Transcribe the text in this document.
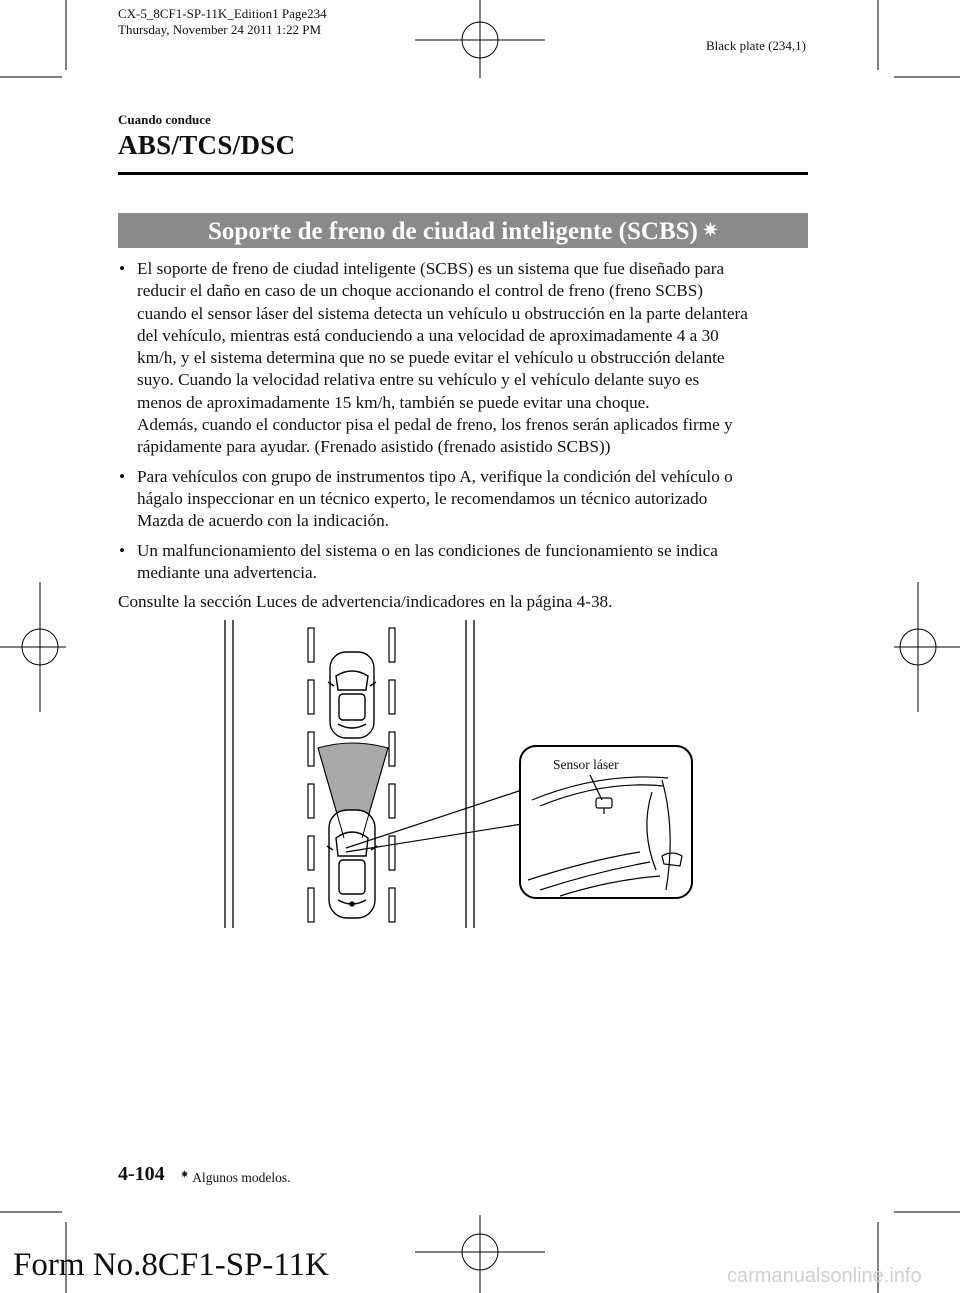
CX-5_8CF1-SP-11K_Edition1 Page234
Thursday, November 24 2011 1:22 PM
Black plate (234,1)
Cuando conduce
ABS/TCS/DSC
Soporte de freno de ciudad inteligente (SCBS) ✷
• El soporte de freno de ciudad inteligente (SCBS) es un sistema que fue diseñado para
reducir el daño en caso de un choque accionando el control de freno (freno SCBS)
cuando el sensor láser del sistema detecta un vehículo u obstrucción en la parte delantera
del vehículo, mientras está conduciendo a una velocidad de aproximadamente 4 a 30
km/h, y el sistema determina que no se puede evitar el vehículo u obstrucción delante
suyo. Cuando la velocidad relativa entre su vehículo y el vehículo delante suyo es
menos de aproximadamente 15 km/h, también se puede evitar una choque.
Además, cuando el conductor pisa el pedal de freno, los frenos serán aplicados firme y
rápidamente para ayudar. (Frenado asistido (frenado asistido SCBS))
• Para vehículos con grupo de instrumentos tipo A, verifique la condición del vehículo o
hágalo inspeccionar en un técnico experto, le recomendamos un técnico autorizado
Mazda de acuerdo con la indicación.
• Un malfuncionamiento del sistema o en las condiciones de funcionamiento se indica
mediante una advertencia.
Consulte la sección Luces de advertencia/indicadores en la página 4-38.
Sensor láser
4-104 ✷ Algunos modelos.
Form No.8CF1-SP-11K	carmanualsonline.info
